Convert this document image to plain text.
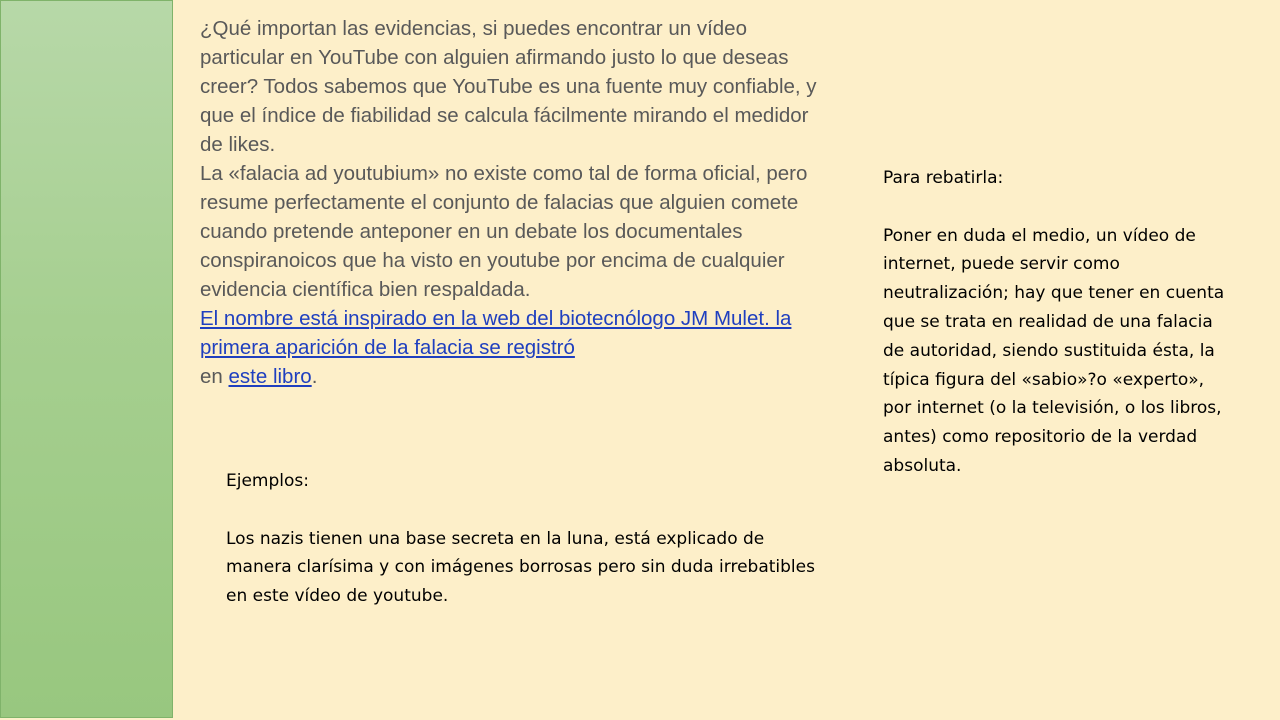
¿Qué importan las evidencias, si puedes encontrar un vídeo particular en YouTube con alguien afirmando justo lo que deseas creer? Todos sabemos que YouTube es una fuente muy confiable, y que el índice de fiabilidad se calcula fácilmente mirando el medidor de likes.

La «falacia ad youtubium» no existe como tal de forma oficial, pero resume perfectamente el conjunto de falacias que alguien comete cuando pretende anteponer en un debate los documentales conspiranoicos que ha visto en youtube por encima de cualquier evidencia científica bien respaldada.

El nombre está inspirado en la web del biotecnólogo JM Mulet. la primera aparición de la falacia se registró
en este libro.

Ejemplos:

Los nazis tienen una base secreta en la luna, está explicado de manera clarísima y con imágenes borrosas pero sin duda irrebatibles en este vídeo de youtube.

Para rebatirla:

Poner en duda el medio, un vídeo de internet, puede servir como neutralización; hay que tener en cuenta que se trata en realidad de una falacia de autoridad, siendo sustituida ésta, la típica figura del «sabio»?o «experto», por internet (o la televisión, o los libros, antes) como repositorio de la verdad absoluta.
